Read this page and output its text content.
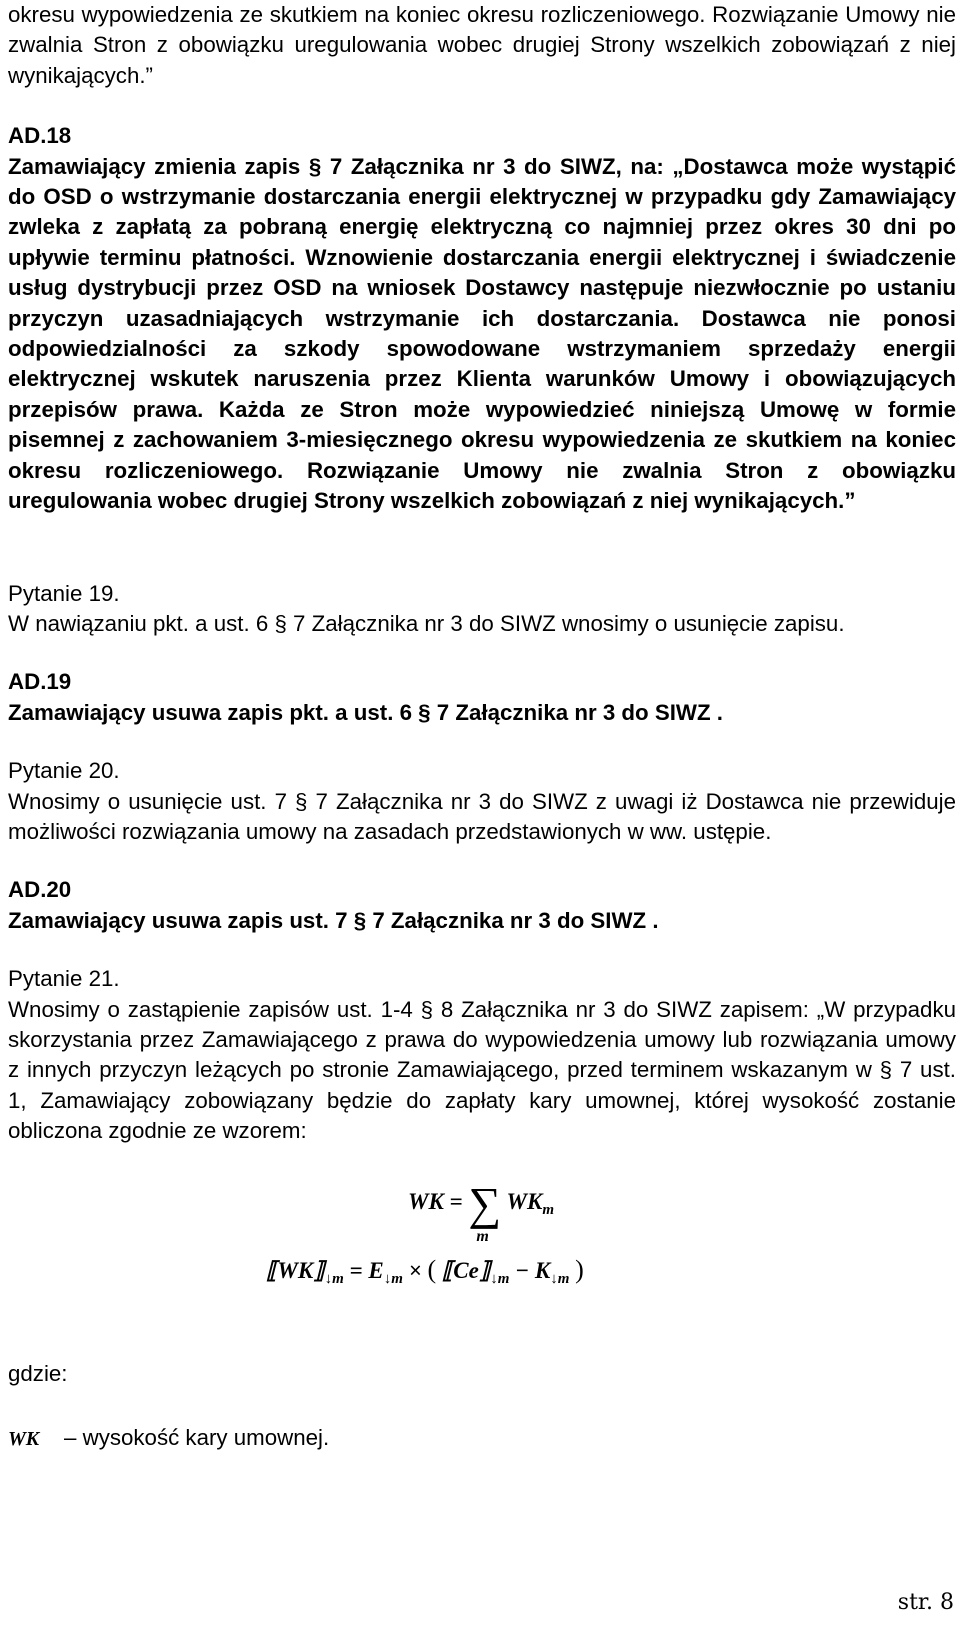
okresu wypowiedzenia ze skutkiem na koniec okresu rozliczeniowego. Rozwiązanie Umowy nie zwalnia Stron z obowiązku uregulowania wobec drugiej Strony wszelkich zobowiązań z niej wynikających.”

AD.18

Zamawiający zmienia zapis § 7 Załącznika nr 3 do SIWZ, na: „Dostawca może wystąpić do OSD o wstrzymanie dostarczania energii elektrycznej w przypadku gdy Zamawiający zwleka z zapłatą za pobraną energię elektryczną co najmniej przez okres 30 dni po upływie terminu płatności. Wznowienie dostarczania energii elektrycznej i świadczenie usług dystrybucji przez OSD na wniosek Dostawcy następuje niezwłocznie po ustaniu przyczyn uzasadniających wstrzymanie ich dostarczania. Dostawca nie ponosi odpowiedzialności za szkody spowodowane wstrzymaniem sprzedaży energii elektrycznej wskutek naruszenia przez Klienta warunków Umowy i obowiązujących przepisów prawa. Każda ze Stron może wypowiedzieć niniejszą Umowę w formie pisemnej z zachowaniem 3-miesięcznego okresu wypowiedzenia ze skutkiem na koniec okresu rozliczeniowego. Rozwiązanie Umowy nie zwalnia Stron z obowiązku uregulowania wobec drugiej Strony wszelkich zobowiązań z niej wynikających.”

Pytanie 19.

W nawiązaniu pkt. a ust. 6 § 7 Załącznika nr 3 do SIWZ wnosimy o usunięcie zapisu.

AD.19

Zamawiający usuwa zapis pkt. a ust. 6 § 7 Załącznika nr 3 do SIWZ .

Pytanie 20.

Wnosimy o usunięcie ust. 7 § 7 Załącznika nr 3 do SIWZ z uwagi iż Dostawca nie przewiduje możliwości rozwiązania umowy na zasadach przedstawionych w ww. ustępie.

AD.20

Zamawiający usuwa zapis ust. 7 § 7 Załącznika nr 3 do SIWZ .

Pytanie 21.

Wnosimy o zastąpienie zapisów ust. 1-4 § 8 Załącznika nr 3 do SIWZ zapisem: „W przypadku skorzystania przez Zamawiającego z prawa do wypowiedzenia umowy lub rozwiązania umowy z innych przyczyn leżących po stronie Zamawiającego, przed terminem wskazanym w § 7 ust. 1, Zamawiający zobowiązany będzie do zapłaty kary umownej, której wysokość zostanie obliczona zgodnie ze wzorem:

WK = ∑
m
$WK_m$
$⟦WK⟧_{↓m} = E_{↓m}$ × ( $⟦Ce⟧_{↓m} - K_{↓m}$ )

gdzie:

WK – wysokość kary umownej.

str. 8
